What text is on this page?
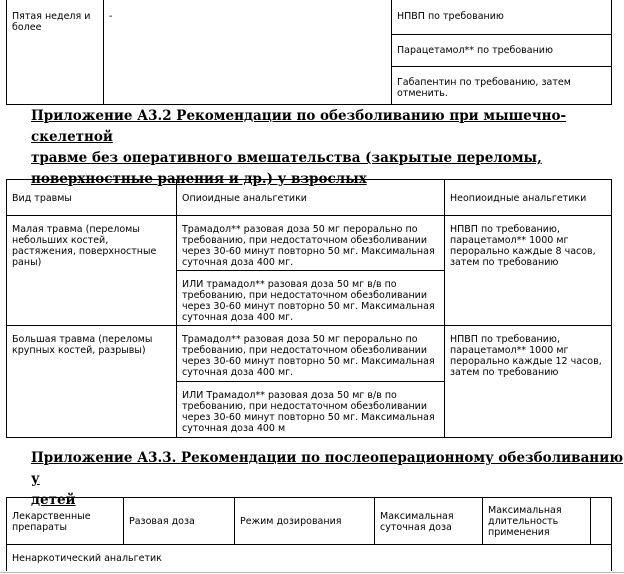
Пятая неделя и более	-	НПВП по требованию
Парацетамол** по требованию
Габапентин по требованию, затем отменить.
Приложение А3.2 Рекомендации по обезболиванию при мышечно-скелетной
травме без оперативного вмешательства (закрытые переломы,
поверхностные ранения и др.) у взрослых
Вид травмы	Опиоидные анальгетики	Неопиоидные анальгетики
Малая травма (переломы небольших костей, растяжения, поверхностные раны)	Трамадол** разовая доза 50 мг перорально по требованию, при недостаточном обезболивании через 30-60 минут повторно 50 мг. Максимальная суточная доза 400 мг.	НПВП по требованию, парацетамол** 1000 мг перорально каждые 8 часов, затем по требованию
	ИЛИ трамадол** разовая доза 50 мг в/в по требованию, при недостаточном обезболивании через 30-60 минут повторно 50 мг. Максимальная суточная доза 400 мг.	
Большая травма (переломы крупных костей, разрывы)	Трамадол** разовая доза 50 мг перорально по требованию, при недостаточном обезболивании через 30-60 минут повторно 50 мг. Максимальная суточная доза 400 мг.	НПВП по требованию, парацетамол** 1000 мг перорально каждые 12 часов, затем по требованию
	ИЛИ Трамадол** разовая доза 50 мг в/в по требованию, при недостаточном обезболивании через 30-60 минут повторно 50 мг. Максимальная суточная доза 400 м	
Приложение А3.3. Рекомендации по послеоперационному обезболиванию у
детей
Лекарственные препараты	Разовая доза	Режим дозирования	Максимальная суточная доза	Максимальная длительность применения	
Ненаркотический анальгетик
